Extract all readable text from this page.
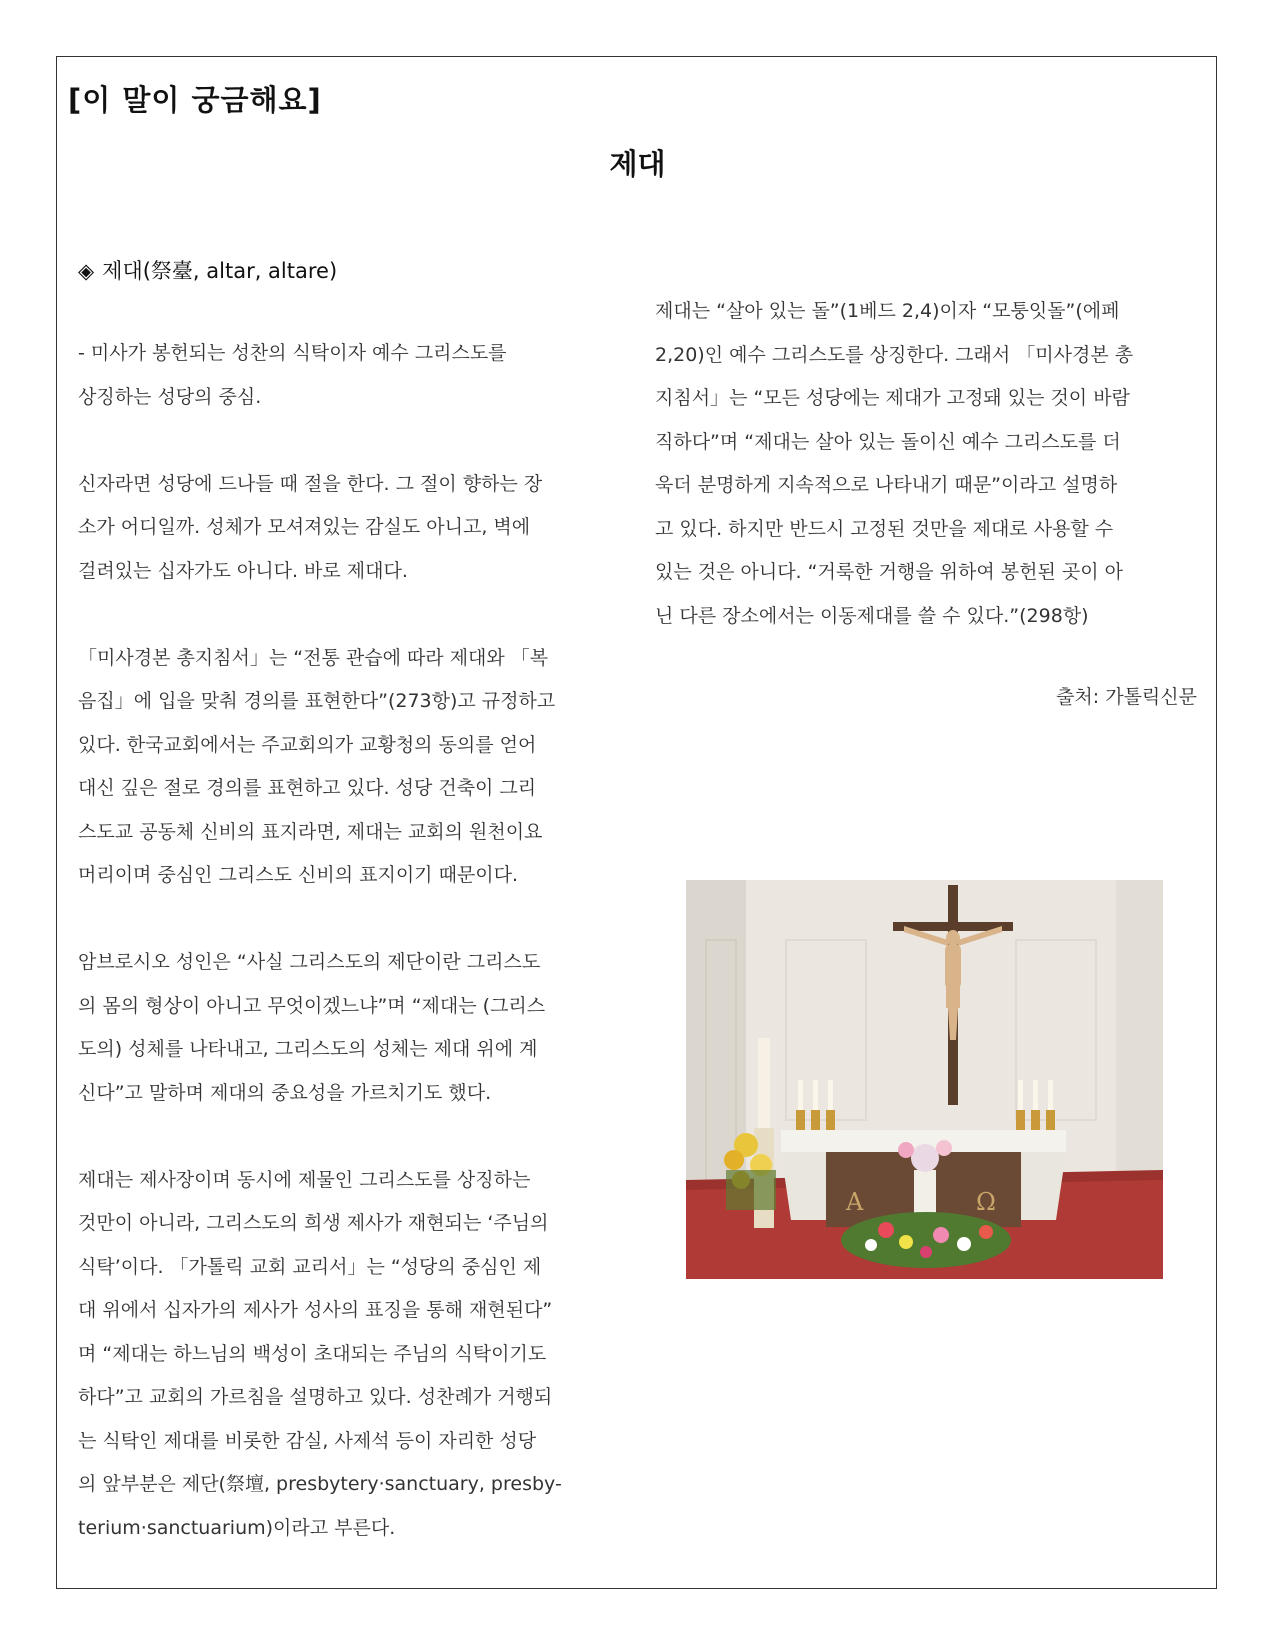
[이 말이 궁금해요]
제대
◈ 제대(祭臺, altar, altare)

- 미사가 봉헌되는 성찬의 식탁이자 예수 그리스도를

상징하는 성당의 중심.

신자라면 성당에 드나들 때 절을 한다. 그 절이 향하는 장

소가 어디일까. 성체가 모셔져있는 감실도 아니고, 벽에

걸려있는 십자가도 아니다. 바로 제대다.

「미사경본 총지침서」는 “전통 관습에 따라 제대와 「복

음집」에 입을 맞춰 경의를 표현한다”(273항)고 규정하고

있다. 한국교회에서는 주교회의가 교황청의 동의를 얻어

대신 깊은 절로 경의를 표현하고 있다. 성당 건축이 그리

스도교 공동체 신비의 표지라면, 제대는 교회의 원천이요

머리이며 중심인 그리스도 신비의 표지이기 때문이다.

암브로시오 성인은 “사실 그리스도의 제단이란 그리스도

의 몸의 형상이 아니고 무엇이겠느냐”며 “제대는 (그리스

도의) 성체를 나타내고, 그리스도의 성체는 제대 위에 계

신다”고 말하며 제대의 중요성을 가르치기도 했다.

제대는 제사장이며 동시에 제물인 그리스도를 상징하는

것만이 아니라, 그리스도의 희생 제사가 재현되는 ‘주님의

식탁’이다. 「가톨릭 교회 교리서」는 “성당의 중심인 제

대 위에서 십자가의 제사가 성사의 표징을 통해 재현된다”

며 “제대는 하느님의 백성이 초대되는 주님의 식탁이기도

하다”고 교회의 가르침을 설명하고 있다. 성찬례가 거행되

는 식탁인 제대를 비롯한 감실, 사제석 등이 자리한 성당

의 앞부분은 제단(祭壇, presbytery·sanctuary, presby-

terium·sanctuarium)이라고 부른다.

제대는 “살아 있는 돌”(1베드 2,4)이자 “모퉁잇돌”(에페

2,20)인 예수 그리스도를 상징한다. 그래서 「미사경본 총

지침서」는 “모든 성당에는 제대가 고정돼 있는 것이 바람

직하다”며 “제대는 살아 있는 돌이신 예수 그리스도를 더

욱더 분명하게 지속적으로 나타내기 때문”이라고 설명하

고 있다. 하지만 반드시 고정된 것만을 제대로 사용할 수

있는 것은 아니다. “거룩한 거행을 위하여 봉헌된 곳이 아

닌 다른 장소에서는 이동제대를 쓸 수 있다.”(298항)

출처: 가톨릭신문
Ω
A
